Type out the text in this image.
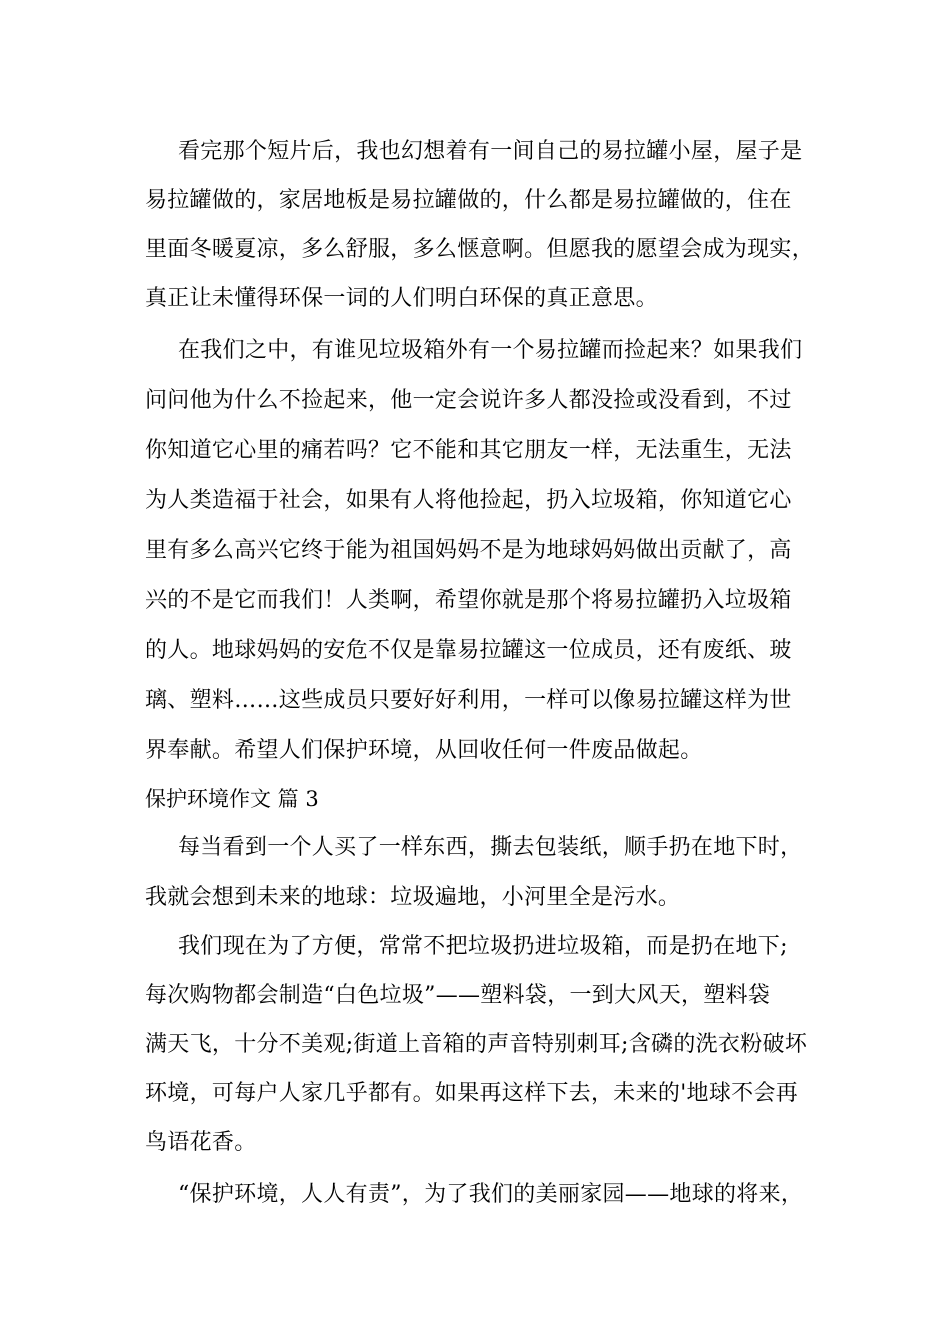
看完那个短片后，我也幻想着有一间自己的易拉罐小屋，屋子是
易拉罐做的，家居地板是易拉罐做的，什么都是易拉罐做的，住在
里面冬暖夏凉，多么舒服，多么惬意啊。但愿我的愿望会成为现实，
真正让未懂得环保一词的人们明白环保的真正意思。
在我们之中，有谁见垃圾箱外有一个易拉罐而捡起来？如果我们
问问他为什么不捡起来，他一定会说许多人都没捡或没看到，不过
你知道它心里的痛若吗？它不能和其它朋友一样，无法重生，无法
为人类造福于社会，如果有人将他捡起，扔入垃圾箱，你知道它心
里有多么高兴它终于能为祖国妈妈不是为地球妈妈做出贡献了，高
兴的不是它而我们！人类啊，希望你就是那个将易拉罐扔入垃圾箱
的人。地球妈妈的安危不仅是靠易拉罐这一位成员，还有废纸、玻
璃、塑料……这些成员只要好好利用，一样可以像易拉罐这样为世
界奉献。希望人们保护环境，从回收任何一件废品做起。
保护环境作文 篇 3
每当看到一个人买了一样东西，撕去包装纸，顺手扔在地下时，
我就会想到未来的地球：垃圾遍地，小河里全是污水。
我们现在为了方便，常常不把垃圾扔进垃圾箱，而是扔在地下;
每次购物都会制造“白色垃圾”——塑料袋，一到大风天，塑料袋
满天飞，十分不美观;街道上音箱的声音特别刺耳;含磷的洗衣粉破坏
环境，可每户人家几乎都有。如果再这样下去，未来的'地球不会再
鸟语花香。
“保护环境，人人有责”，为了我们的美丽家园——地球的将来，
